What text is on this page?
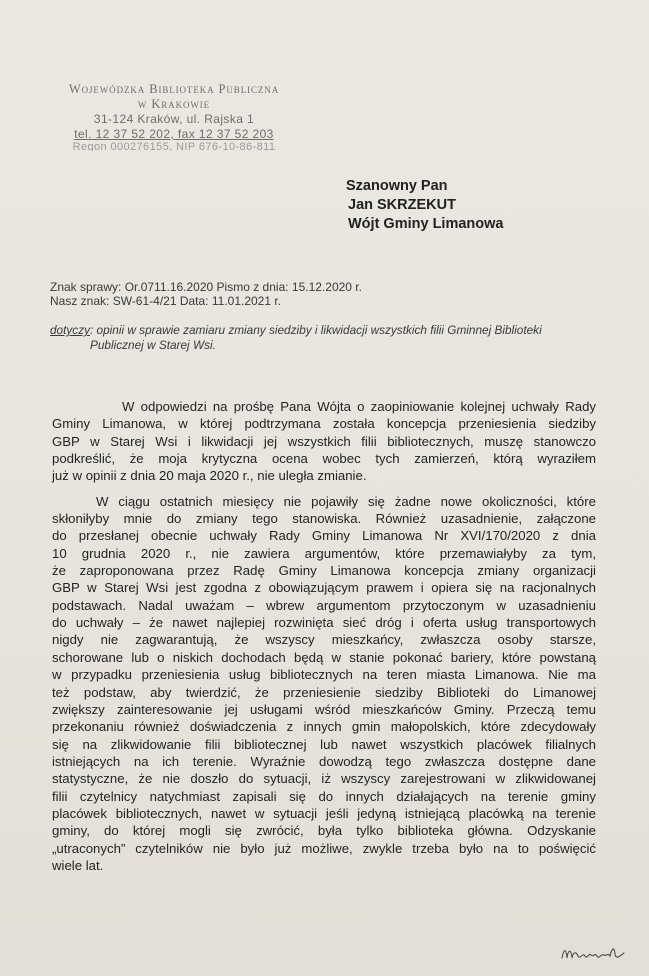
Wojewódzka Biblioteka Publiczna
w Krakowie
31-124 Kraków, ul. Rajska 1
tel. 12 37 52 202, fax 12 37 52 203
Regon 000276155, NIP 676-10-86-811
Szanowny Pan
Jan SKRZEKUT
Wójt Gminy Limanowa
Znak sprawy: Or.0711.16.2020 Pismo z dnia: 15.12.2020 r.
Nasz znak: SW-61-4/21 Data: 11.01.2021 r.
dotyczy: opinii w sprawie zamiaru zmiany siedziby i likwidacji wszystkich filii Gminnej Biblioteki
Publicznej w Starej Wsi.
W odpowiedzi na prośbę Pana Wójta o zaopiniowanie kolejnej uchwały Rady
Gminy Limanowa, w której podtrzymana została koncepcja przeniesienia siedziby
GBP w Starej Wsi i likwidacji jej wszystkich filii bibliotecznych, muszę stanowczo
podkreślić, że moja krytyczna ocena wobec tych zamierzeń, którą wyraziłem
już w opinii z dnia 20 maja 2020 r., nie uległa zmianie.
W ciągu ostatnich miesięcy nie pojawiły się żadne nowe okoliczności, które
skłoniłyby mnie do zmiany tego stanowiska. Również uzasadnienie, załączone
do przesłanej obecnie uchwały Rady Gminy Limanowa Nr XVI/170/2020 z dnia
10 grudnia 2020 r., nie zawiera argumentów, które przemawiałyby za tym,
że zaproponowana przez Radę Gminy Limanowa koncepcja zmiany organizacji
GBP w Starej Wsi jest zgodna z obowiązującym prawem i opiera się na racjonalnych
podstawach. Nadal uważam – wbrew argumentom przytoczonym w uzasadnieniu
do uchwały – że nawet najlepiej rozwinięta sieć dróg i oferta usług transportowych
nigdy nie zagwarantują, że wszyscy mieszkańcy, zwłaszcza osoby starsze,
schorowane lub o niskich dochodach będą w stanie pokonać bariery, które powstaną
w przypadku przeniesienia usług bibliotecznych na teren miasta Limanowa. Nie ma
też podstaw, aby twierdzić, że przeniesienie siedziby Biblioteki do Limanowej
zwiększy zainteresowanie jej usługami wśród mieszkańców Gminy. Przeczą temu
przekonaniu również doświadczenia z innych gmin małopolskich, które zdecydowały
się na zlikwidowanie filii bibliotecznej lub nawet wszystkich placówek filialnych
istniejących na ich terenie. Wyraźnie dowodzą tego zwłaszcza dostępne dane
statystyczne, że nie doszło do sytuacji, iż wszyscy zarejestrowani w zlikwidowanej
filii czytelnicy natychmiast zapisali się do innych działających na terenie gminy
placówek bibliotecznych, nawet w sytuacji jeśli jedyną istniejącą placówką na terenie
gminy, do której mogli się zwrócić, była tylko biblioteka główna. Odzyskanie
„utraconych” czytelników nie było już możliwe, zwykle trzeba było na to poświęcić
wiele lat.
